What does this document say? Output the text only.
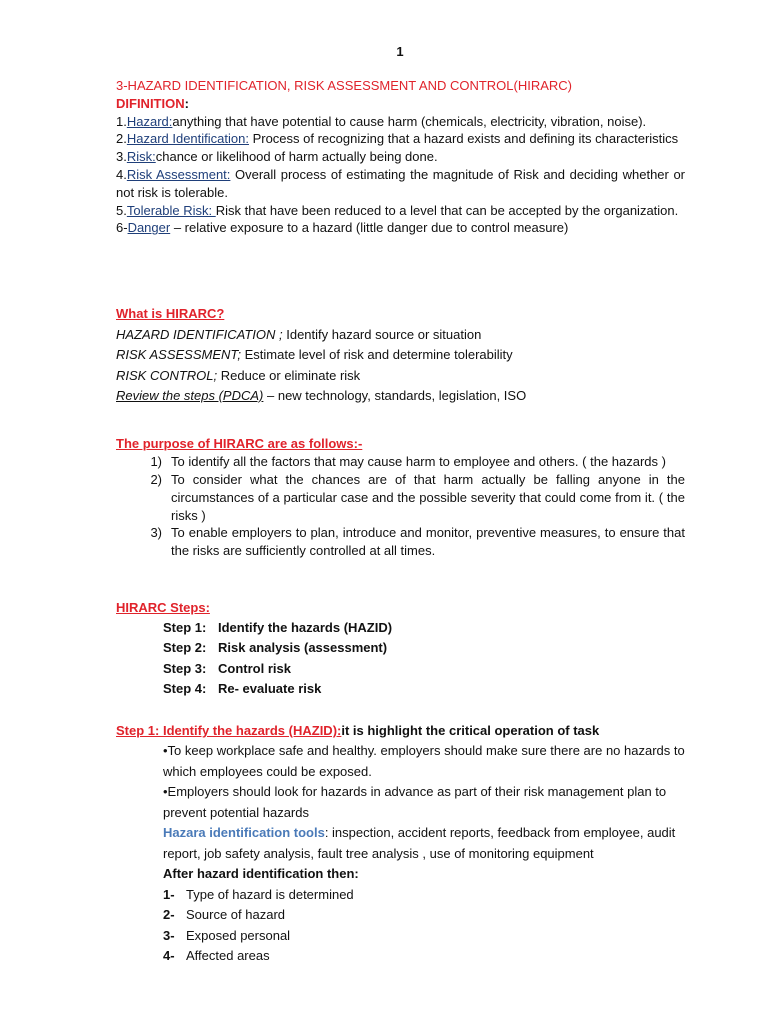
1
3-HAZARD IDENTIFICATION, RISK ASSESSMENT AND CONTROL(HIRARC)
DIFINITION:
1.Hazard:anything that have potential to cause harm (chemicals, electricity, vibration, noise).
2.Hazard Identification: Process of recognizing that a hazard exists and defining its characteristics
3.Risk:chance or likelihood of harm actually being done.
4.Risk Assessment: Overall process of estimating the magnitude of Risk and deciding whether or not risk is tolerable.
5.Tolerable Risk: Risk that have been reduced to a level that can be accepted by the organization.
6-Danger – relative exposure to a hazard (little danger due to control measure)
What is HIRARC?
HAZARD IDENTIFICATION ; Identify hazard source or situation
RISK ASSESSMENT; Estimate level of risk and determine tolerability
RISK CONTROL; Reduce or eliminate risk
Review the steps (PDCA) – new technology, standards, legislation, ISO
The purpose of HIRARC are as follows:-
1) To identify all the factors that may cause harm to employee and others. ( the hazards )
2) To consider what the chances are of that harm actually be falling anyone in the circumstances of a particular case and the possible severity that could come from it. ( the risks )
3) To enable employers to plan, introduce and monitor, preventive measures, to ensure that the risks are sufficiently controlled at all times.
HIRARC Steps:
Step 1: Identify the hazards (HAZID)
Step 2: Risk analysis (assessment)
Step 3: Control risk
Step 4: Re- evaluate risk
Step 1: Identify the hazards (HAZID):it is highlight the critical operation of task
•To keep workplace safe and healthy. employers should make sure there are no hazards to which employees could be exposed.
•Employers should look for hazards in advance as part of their risk management plan to prevent potential hazards
Hazara identification tools: inspection, accident reports, feedback from employee, audit report, job safety analysis, fault tree analysis , use of monitoring equipment
After hazard identification then:
1- Type of hazard is determined
2- Source of hazard
3- Exposed personal
4- Affected areas
